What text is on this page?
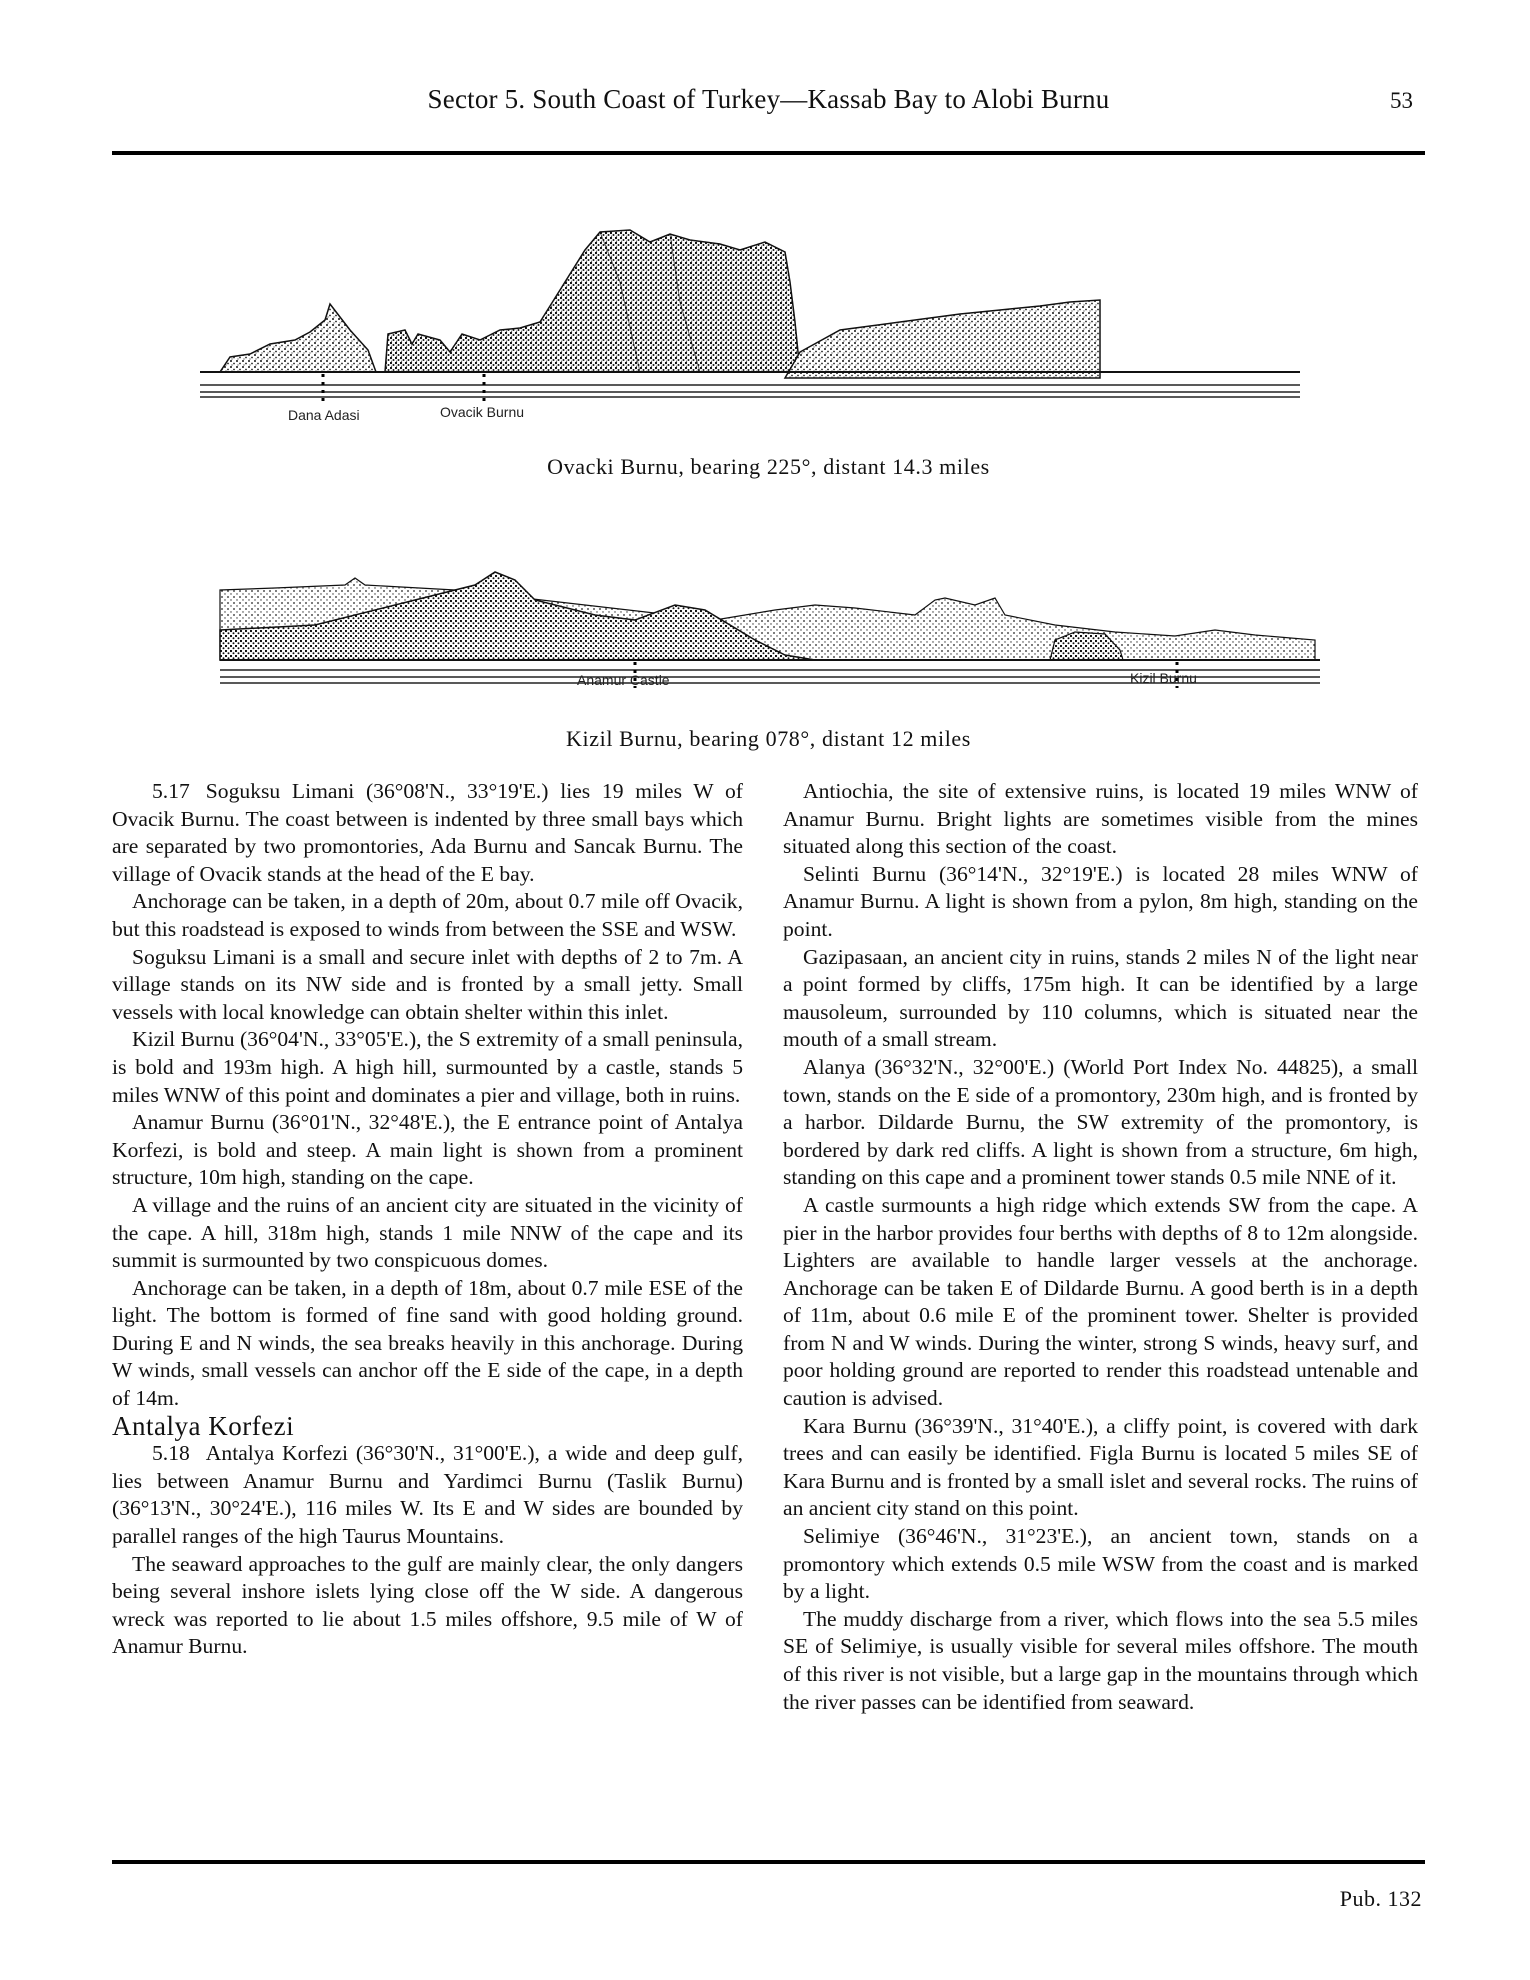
Sector 5. South Coast of Turkey—Kassab Bay to Alobi Burnu	53
Dana Adasi	Ovacik Burnu
Ovacki Burnu, bearing 225°, distant 14.3 miles
Anamur Castle	Kizil Burnu
Kizil Burnu, bearing 078°, distant 12 miles

5.17 Soguksu Limani (36°08'N., 33°19'E.) lies 19 miles W of Ovacik Burnu. The coast between is indented by three small bays which are separated by two promontories, Ada Burnu and Sancak Burnu. The village of Ovacik stands at the head of the E bay.

Anchorage can be taken, in a depth of 20m, about 0.7 mile off Ovacik, but this roadstead is exposed to winds from between the SSE and WSW.

Soguksu Limani is a small and secure inlet with depths of 2 to 7m. A village stands on its NW side and is fronted by a small jetty. Small vessels with local knowledge can obtain shelter within this inlet.

Kizil Burnu (36°04'N., 33°05'E.), the S extremity of a small peninsula, is bold and 193m high. A high hill, surmounted by a castle, stands 5 miles WNW of this point and dominates a pier and village, both in ruins.

Anamur Burnu (36°01'N., 32°48'E.), the E entrance point of Antalya Korfezi, is bold and steep. A main light is shown from a prominent structure, 10m high, standing on the cape.

A village and the ruins of an ancient city are situated in the vicinity of the cape. A hill, 318m high, stands 1 mile NNW of the cape and its summit is surmounted by two conspicuous domes.

Anchorage can be taken, in a depth of 18m, about 0.7 mile ESE of the light. The bottom is formed of fine sand with good holding ground. During E and N winds, the sea breaks heavily in this anchorage. During W winds, small vessels can anchor off the E side of the cape, in a depth of 14m.

Antalya Korfezi

5.18 Antalya Korfezi (36°30'N., 31°00'E.), a wide and deep gulf, lies between Anamur Burnu and Yardimci Burnu (Taslik Burnu) (36°13'N., 30°24'E.), 116 miles W. Its E and W sides are bounded by parallel ranges of the high Taurus Mountains.

The seaward approaches to the gulf are mainly clear, the only dangers being several inshore islets lying close off the W side. A dangerous wreck was reported to lie about 1.5 miles offshore, 9.5 mile of W of Anamur Burnu.

Antiochia, the site of extensive ruins, is located 19 miles WNW of Anamur Burnu. Bright lights are sometimes visible from the mines situated along this section of the coast.

Selinti Burnu (36°14'N., 32°19'E.) is located 28 miles WNW of Anamur Burnu. A light is shown from a pylon, 8m high, standing on the point.

Gazipasaan, an ancient city in ruins, stands 2 miles N of the light near a point formed by cliffs, 175m high. It can be identified by a large mausoleum, surrounded by 110 columns, which is situated near the mouth of a small stream.

Alanya (36°32'N., 32°00'E.) (World Port Index No. 44825), a small town, stands on the E side of a promontory, 230m high, and is fronted by a harbor. Dildarde Burnu, the SW extremity of the promontory, is bordered by dark red cliffs. A light is shown from a structure, 6m high, standing on this cape and a prominent tower stands 0.5 mile NNE of it.

A castle surmounts a high ridge which extends SW from the cape. A pier in the harbor provides four berths with depths of 8 to 12m alongside. Lighters are available to handle larger vessels at the anchorage. Anchorage can be taken E of Dildarde Burnu. A good berth is in a depth of 11m, about 0.6 mile E of the prominent tower. Shelter is provided from N and W winds. During the winter, strong S winds, heavy surf, and poor holding ground are reported to render this roadstead untenable and caution is advised.

Kara Burnu (36°39'N., 31°40'E.), a cliffy point, is covered with dark trees and can easily be identified. Figla Burnu is located 5 miles SE of Kara Burnu and is fronted by a small islet and several rocks. The ruins of an ancient city stand on this point.

Selimiye (36°46'N., 31°23'E.), an ancient town, stands on a promontory which extends 0.5 mile WSW from the coast and is marked by a light.

The muddy discharge from a river, which flows into the sea 5.5 miles SE of Selimiye, is usually visible for several miles offshore. The mouth of this river is not visible, but a large gap in the mountains through which the river passes can be identified from seaward.

Pub. 132
